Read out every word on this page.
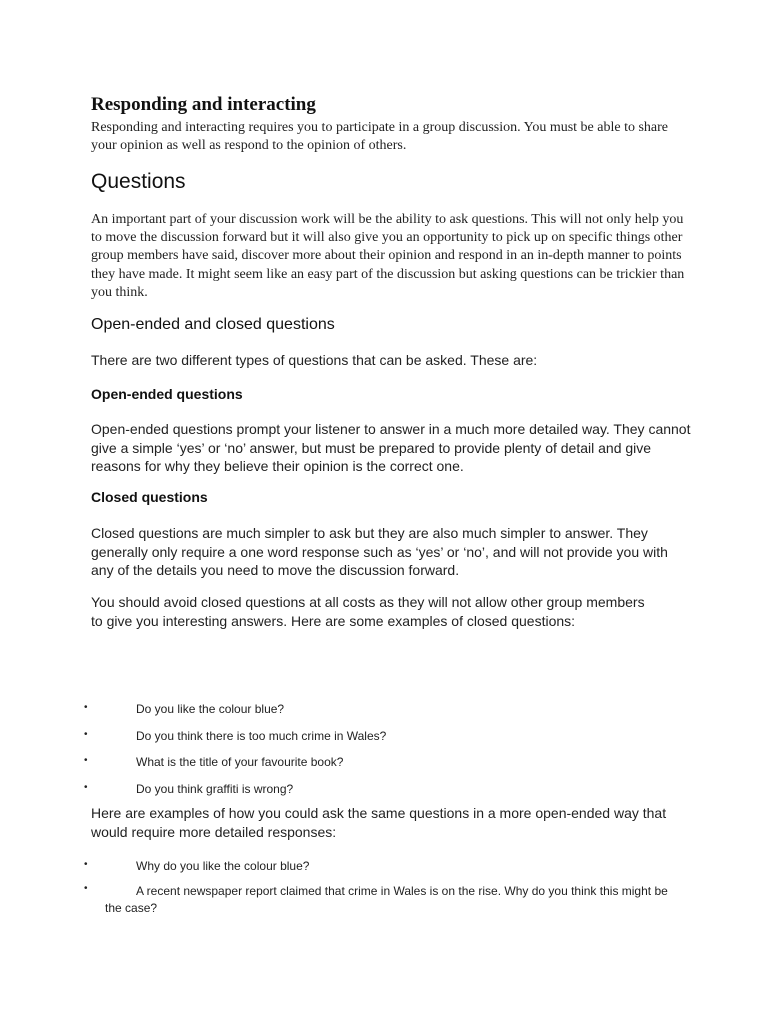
Responding and interacting

Responding and interacting requires you to participate in a group discussion. You must be able to share your opinion as well as respond to the opinion of others.

Questions

An important part of your discussion work will be the ability to ask questions. This will not only help you to move the discussion forward but it will also give you an opportunity to pick up on specific things other group members have said, discover more about their opinion and respond in an in-depth manner to points they have made. It might seem like an easy part of the discussion but asking questions can be trickier than you think.

Open-ended and closed questions

There are two different types of questions that can be asked. These are:

Open-ended questions

Open-ended questions prompt your listener to answer in a much more detailed way. They cannot give a simple ‘yes’ or ‘no’ answer, but must be prepared to provide plenty of detail and give reasons for why they believe their opinion is the correct one.

Closed questions

Closed questions are much simpler to ask but they are also much simpler to answer. They generally only require a one word response such as ‘yes’ or ‘no’, and will not provide you with any of the details you need to move the discussion forward.

You should avoid closed questions at all costs as they will not allow other group members to give you interesting answers. Here are some examples of closed questions:

•	Do you like the colour blue?
•	Do you think there is too much crime in Wales?
•	What is the title of your favourite book?
•	Do you think graffiti is wrong?

Here are examples of how you could ask the same questions in a more open-ended way that would require more detailed responses:

•	Why do you like the colour blue?
•	A recent newspaper report claimed that crime in Wales is on the rise. Why do you think this might be the case?
